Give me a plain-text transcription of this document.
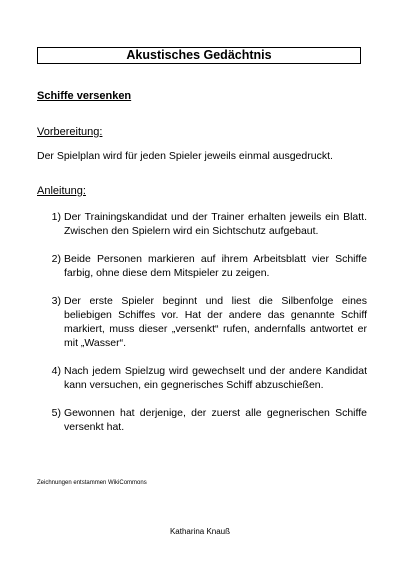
Akustisches Gedächtnis
Schiffe versenken
Vorbereitung:
Der Spielplan wird für jeden Spieler jeweils einmal ausgedruckt.
Anleitung:
1) Der Trainingskandidat und der Trainer erhalten jeweils ein Blatt. Zwischen den Spielern wird ein Sichtschutz aufgebaut.
2) Beide Personen markieren auf ihrem Arbeitsblatt vier Schiffe farbig, ohne diese dem Mitspieler zu zeigen.
3) Der erste Spieler beginnt und liest die Silbenfolge eines beliebigen Schiffes vor. Hat der andere das genannte Schiff markiert, muss dieser „versenkt“ rufen, andernfalls antwortet er mit „Wasser“.
4) Nach jedem Spielzug wird gewechselt und der andere Kandidat kann versuchen, ein gegnerisches Schiff abzuschießen.
5) Gewonnen hat derjenige, der zuerst alle gegnerischen Schiffe versenkt hat.
Zeichnungen entstammen WikiCommons
Katharina Knauß
